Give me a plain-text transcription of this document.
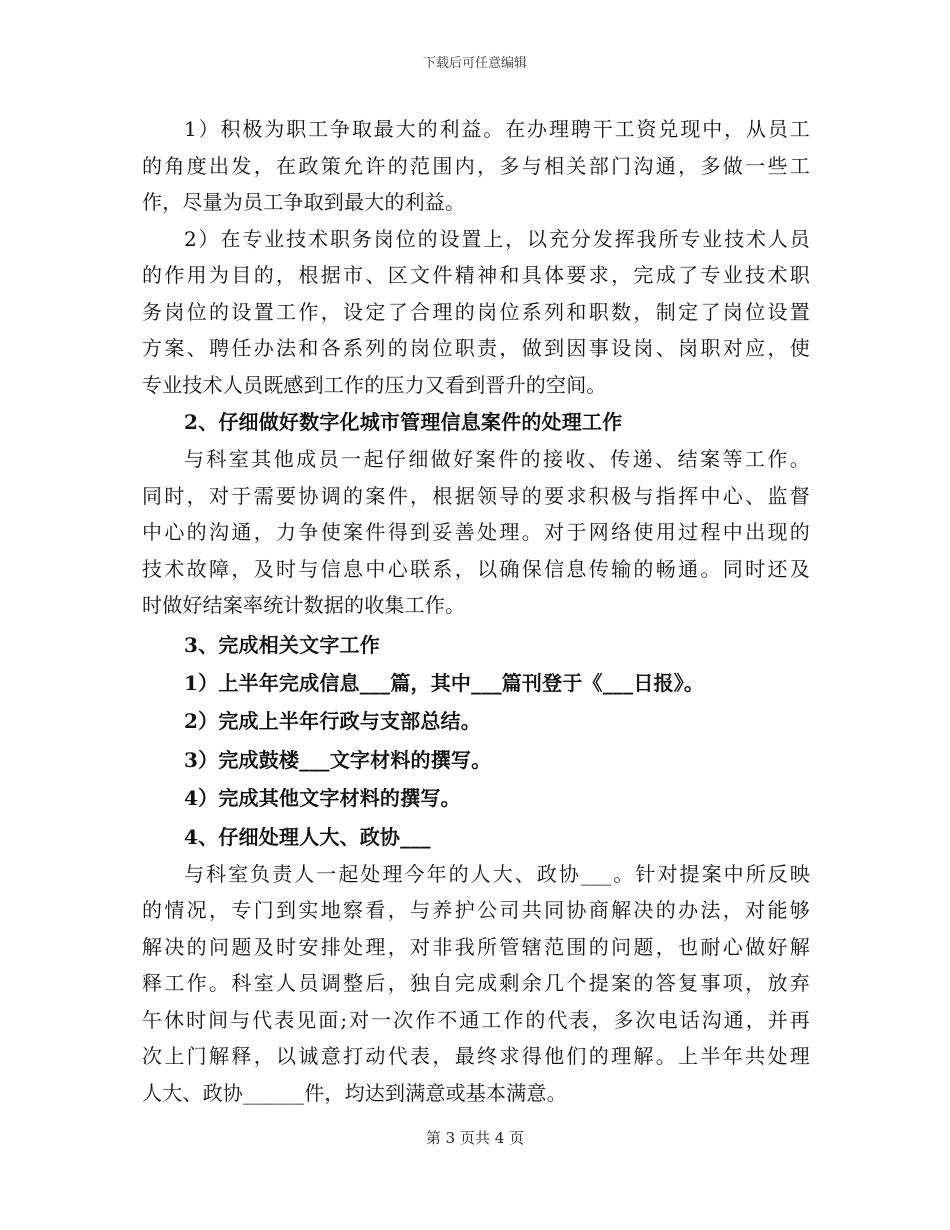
下载后可任意编辑
1）积极为职工争取最大的利益。在办理聘干工资兑现中，从员工
的角度出发，在政策允许的范围内，多与相关部门沟通，多做一些工
作，尽量为员工争取到最大的利益。
2）在专业技术职务岗位的设置上，以充分发挥我所专业技术人员
的作用为目的，根据市、区文件精神和具体要求，完成了专业技术职
务岗位的设置工作，设定了合理的岗位系列和职数，制定了岗位设置
方案、聘任办法和各系列的岗位职责，做到因事设岗、岗职对应，使
专业技术人员既感到工作的压力又看到晋升的空间。
2、仔细做好数字化城市管理信息案件的处理工作
与科室其他成员一起仔细做好案件的接收、传递、结案等工作。
同时，对于需要协调的案件，根据领导的要求积极与指挥中心、监督
中心的沟通，力争使案件得到妥善处理。对于网络使用过程中出现的
技术故障，及时与信息中心联系，以确保信息传输的畅通。同时还及
时做好结案率统计数据的收集工作。
3、完成相关文字工作
1）上半年完成信息___篇，其中___篇刊登于《___日报》。
2）完成上半年行政与支部总结。
3）完成鼓楼___文字材料的撰写。
4）完成其他文字材料的撰写。
4、仔细处理人大、政协___
与科室负责人一起处理今年的人大、政协___。针对提案中所反映
的情况，专门到实地察看，与养护公司共同协商解决的办法，对能够
解决的问题及时安排处理，对非我所管辖范围的问题，也耐心做好解
释工作。科室人员调整后，独自完成剩余几个提案的答复事项，放弃
午休时间与代表见面;对一次作不通工作的代表，多次电话沟通，并再
次上门解释，以诚意打动代表，最终求得他们的理解。上半年共处理
人大、政协______件，均达到满意或基本满意。
第 3 页共 4 页
